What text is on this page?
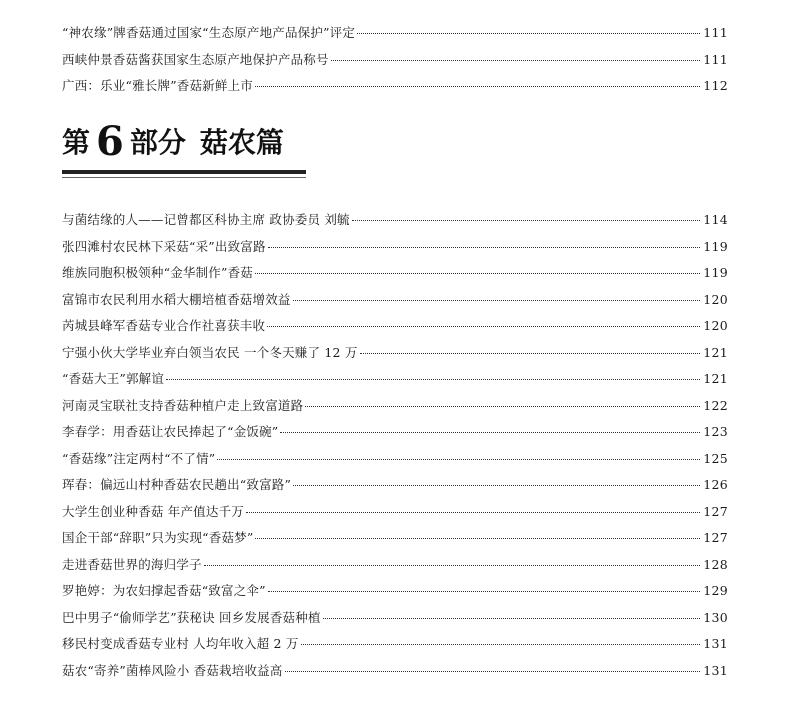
“神农缘”牌香菇通过国家“生态原产地产品保护”评定	111
西峡仲景香菇酱获国家生态原产地保护产品称号	111
广西：乐业“雅长牌”香菇新鲜上市	112
第 6 部分 菇农篇
与菌结缘的人——记曾都区科协主席 政协委员 刘毓	114
张四滩村农民林下采菇“采”出致富路	119
维族同胞积极领种“金华制作”香菇	119
富锦市农民利用水稻大棚培植香菇增效益	120
芮城县峰军香菇专业合作社喜获丰收	120
宁强小伙大学毕业弃白领当农民 一个冬天赚了 12 万	121
“香菇大王”郭解谊	121
河南灵宝联社支持香菇种植户走上致富道路	122
李春学：用香菇让农民捧起了“金饭碗”	123
“香菇缘”注定两村“不了情”	125
珲春：偏远山村种香菇农民趟出“致富路”	126
大学生创业种香菇 年产值达千万	127
国企干部“辞职”只为实现“香菇梦”	127
走进香菇世界的海归学子	128
罗艳婷：为农妇撑起香菇“致富之伞”	129
巴中男子“偷师学艺”获秘诀 回乡发展香菇种植	130
移民村变成香菇专业村 人均年收入超 2 万	131
菇农“寄养”菌棒风险小 香菇栽培收益高	131
